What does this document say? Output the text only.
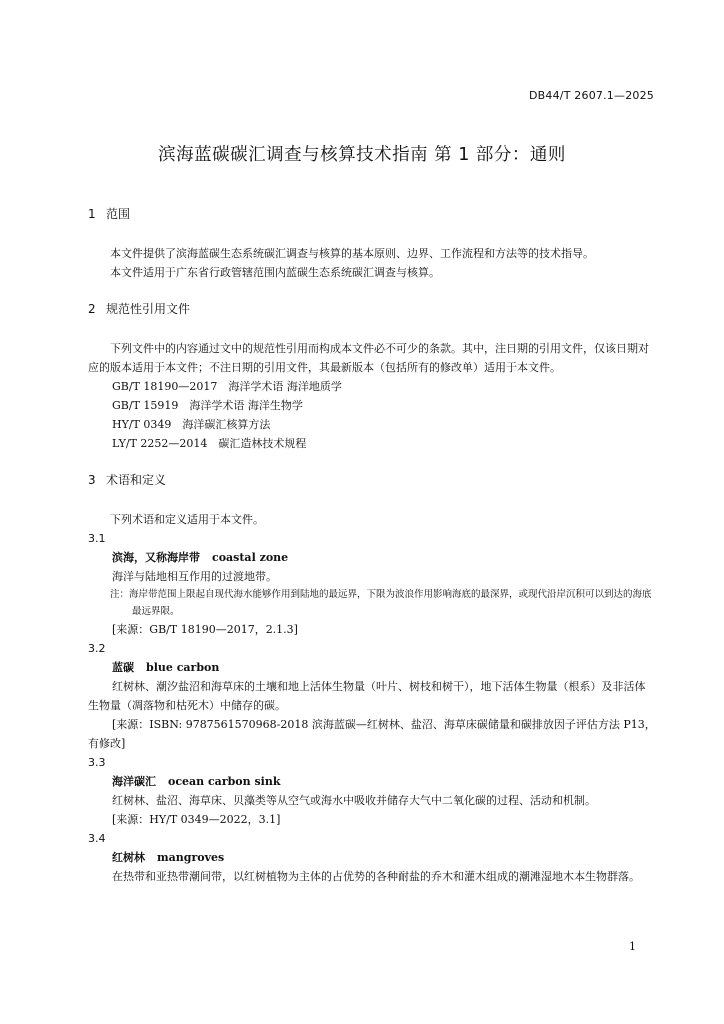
DB44/T 2607.1—2025
滨海蓝碳碳汇调查与核算技术指南 第 1 部分：通则
1 范围

本文件提供了滨海蓝碳生态系统碳汇调查与核算的基本原则、边界、工作流程和方法等的技术指导。

本文件适用于广东省行政管辖范围内蓝碳生态系统碳汇调查与核算。

2 规范性引用文件

下列文件中的内容通过文中的规范性引用而构成本文件必不可少的条款。其中，注日期的引用文件，仅该日期对应的版本适用于本文件；不注日期的引用文件，其最新版本（包括所有的修改单）适用于本文件。

GB/T 18190—2017　海洋学术语 海洋地质学

GB/T 15919　海洋学术语 海洋生物学

HY/T 0349　海洋碳汇核算方法

LY/T 2252—2014　碳汇造林技术规程

3 术语和定义

下列术语和定义适用于本文件。

3.1

滨海，又称海岸带 coastal zone

海洋与陆地相互作用的过渡地带。

注：海岸带范围上限起自现代海水能够作用到陆地的最远界，下限为波浪作用影响海底的最深界，或现代沿岸沉积可以到达的海底最远界限。

[来源：GB/T 18190—2017，2.1.3]

3.2

蓝碳 blue carbon

红树林、潮汐盐沼和海草床的土壤和地上活体生物量（叶片、树枝和树干），地下活体生物量（根系）及非活体生物量（凋落物和枯死木）中储存的碳。

[来源：ISBN: 9787561570968-2018 滨海蓝碳—红树林、盐沼、海草床碳储量和碳排放因子评估方法 P13，有修改]

3.3

海洋碳汇 ocean carbon sink

红树林、盐沼、海草床、贝藻类等从空气或海水中吸收并储存大气中二氧化碳的过程、活动和机制。

[来源：HY/T 0349—2022，3.1]

3.4

红树林 mangroves

在热带和亚热带潮间带，以红树植物为主体的占优势的各种耐盐的乔木和灌木组成的潮滩湿地木本生物群落。

1
